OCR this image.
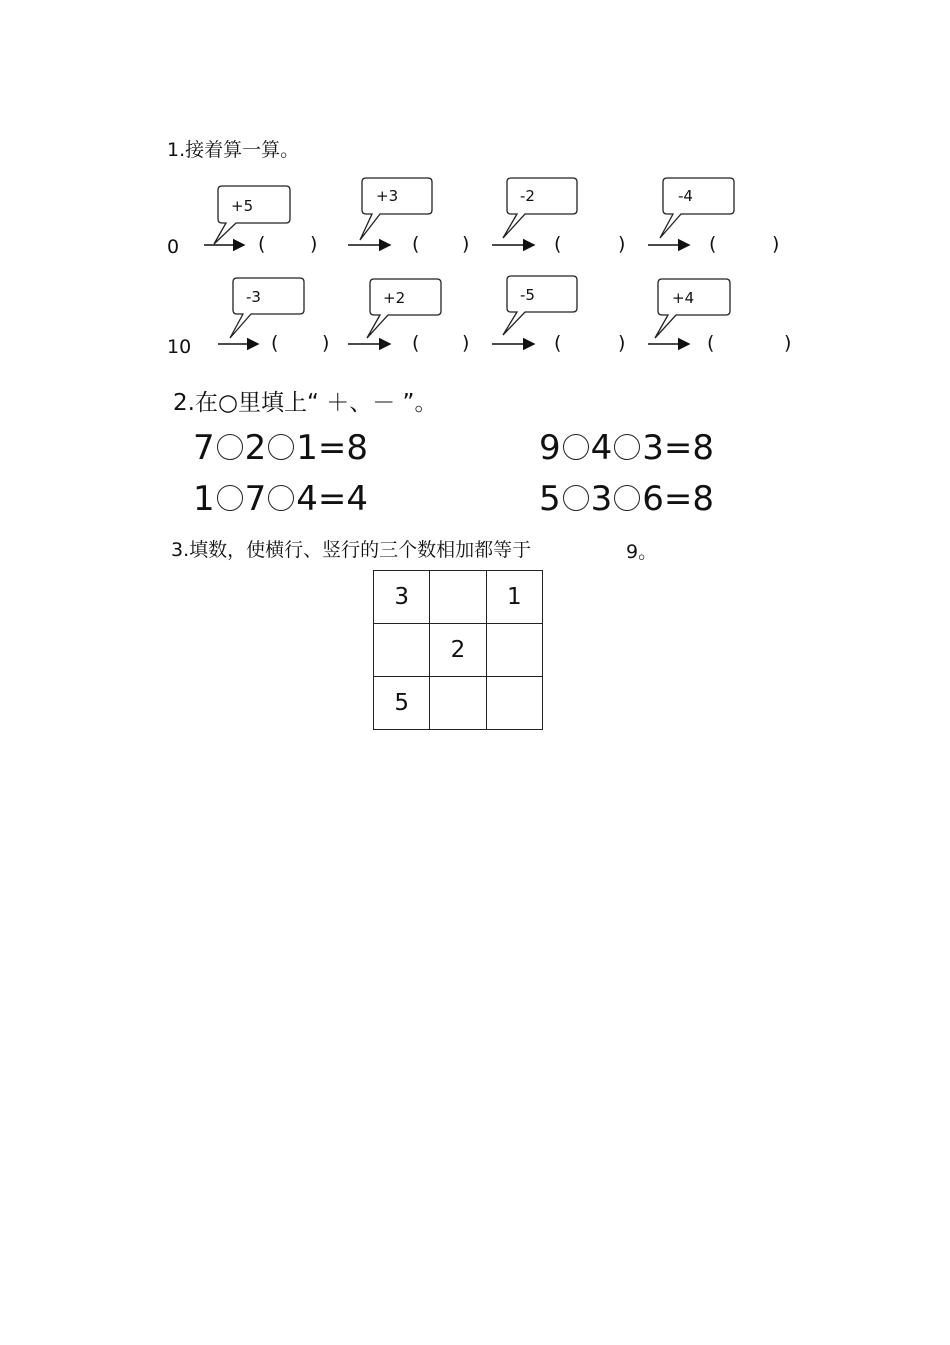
1.接着算一算。
0
+5
+3	-2	-4
( )	( )	(	)	(	)
10
-3	+2	-5	+4
( )	( )	(	)	(	)
2.在○里填上“ ＋、－ ”。
7 2 1=8	9 4 3=8
1 7 4=4	5 3 6=8
3.填数，使横行、竖行的三个数相加都等于	9。
3		1
	2	
5		
